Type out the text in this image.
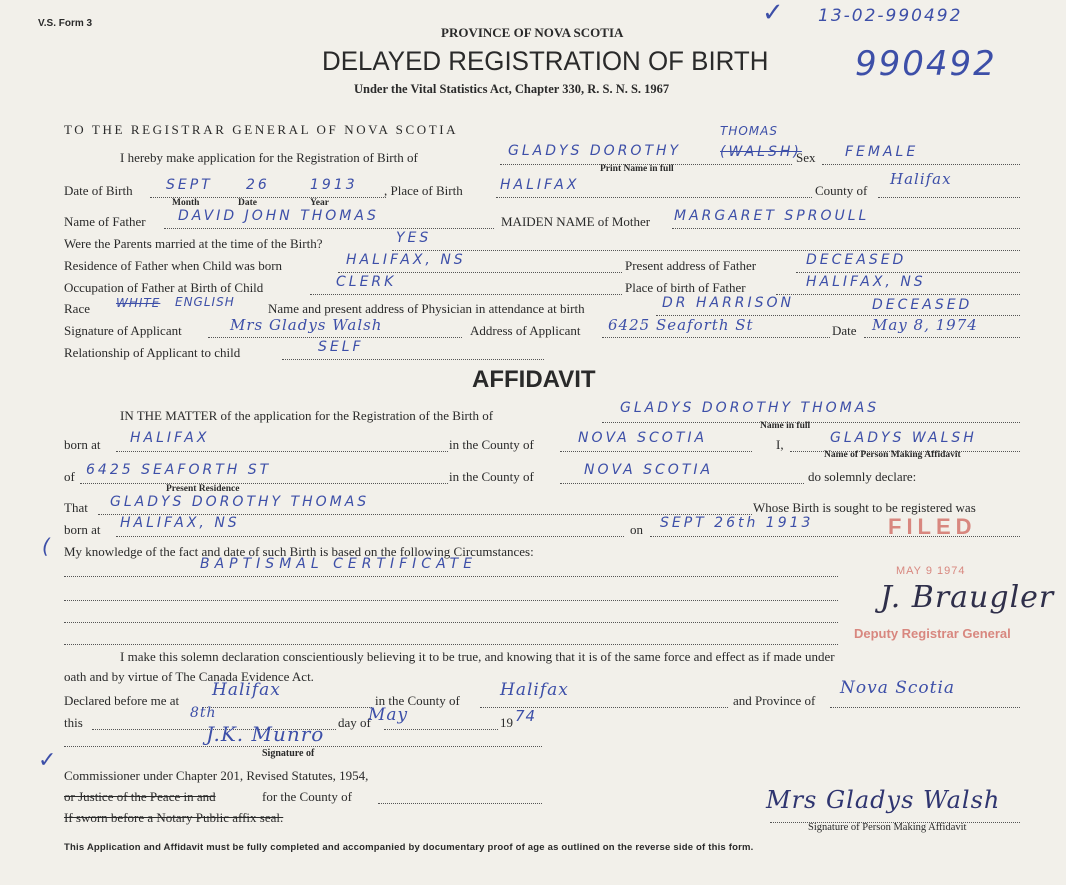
V.S. Form 3
PROVINCE OF NOVA SCOTIA
DELAYED REGISTRATION OF BIRTH
Under the Vital Statistics Act, Chapter 330, R. S. N. S. 1967
✓ 13-02-990492
990492
TO THE REGISTRAR GENERAL OF NOVA SCOTIA
I hereby make application for the Registration of Birth of	GLADYS DOROTHY	(WALSH)
THOMAS
Print Name in full
Sex FEMALE
Date of Birth SEPT 26	1913
Month	Date	Year
, Place of Birth	HALIFAX	County of
Halifax
Name of Father DAVID JOHN THOMAS	MAIDEN NAME of Mother MARGARET SPROULL
Were the Parents married at the time of the Birth?	YES
Residence of Father when Child was born	HALIFAX, NS	Present address of Father	DECEASED
Occupation of Father at Birth of Child	CLERK	Place of birth of Father	HALIFAX, NS
Race WHITE ENGLISH	Name and present address of Physician in attendance at birth	DR HARRISON	DECEASED
Signature of Applicant	Mrs Gladys Walsh	Address of Applicant 6425 Seaforth St	Date May 8, 1974
Relationship of Applicant to child	SELF
AFFIDAVIT
IN THE MATTER of the application for the Registration of the Birth of	GLADYS DOROTHY THOMAS
Name in full
born at HALIFAX	in the County of	NOVA SCOTIA	I,	GLADYS WALSH
Name of Person Making Affidavit
of 6425 SEAFORTH ST
Present Residence
in the County of	NOVA SCOTIA	do solemnly declare:
That GLADYS DOROTHY THOMAS	Whose Birth is sought to be registered was
born at HALIFAX, NS	on SEPT 26th 1913	FILED
( My knowledge of the fact and date of such Birth is based on the following Circumstances:
BAPTISMAL CERTIFICATE	MAY 9 1974
J. Braugler
Deputy Registrar General
I make this solemn declaration conscientiously believing it to be true, and knowing that it is of the same force and effect as if made under
oath and by virtue of The Canada Evidence Act.
Declared before me at
Halifax
in the County of
Halifax
and Province of
Nova Scotia
this
8th
day of
May	19 74
J.K. Munro
Signature of
✓
Commissioner under Chapter 201, Revised Statutes, 1954,
or Justice of the Peace in and	for the County of
If sworn before a Notary Public affix seal.
Mrs Gladys Walsh
Signature of Person Making Affidavit
This Application and Affidavit must be fully completed and accompanied by documentary proof of age as outlined on the reverse side of this form.
